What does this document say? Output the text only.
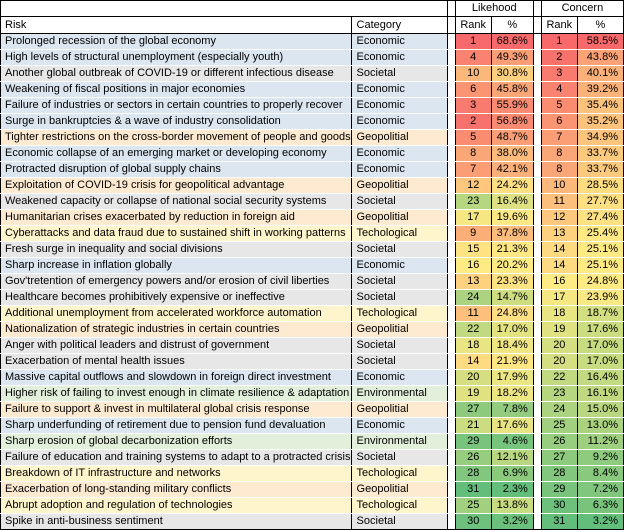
			Likehood			Concern	
Risk	Category		Rank	%		Rank	%
Prolonged recession of the global economy	Economic		1	68.6%		1	58.5%
High levels of structural unemployment (especially youth)	Economic		4	49.3%		2	43.8%
Another global outbreak of COVID-19 or different infectious disease	Societal		10	30.8%		3	40.1%
Weakening of fiscal positions in major economies	Economic		6	45.8%		4	39.2%
Failure of industries or sectors in certain countries to properly recover	Economic		3	55.9%		5	35.4%
Surge in bankruptcies & a wave of industry consolidation	Economic		2	56.8%		6	35.2%
Tighter restrictions on the cross-border movement of people and goods	Geopolitial		5	48.7%		7	34.9%
Economic collapse of an emerging market or developing economy	Economic		8	38.0%		8	33.7%
Protracted disruption of global supply chains	Economic		7	42.1%		8	33.7%
Exploitation of COVID-19 crisis for geopolitical advantage	Geopolitial		12	24.2%		10	28.5%
Weakened capacity or collapse of national social security systems	Societal		23	16.4%		11	27.7%
Humanitarian crises exacerbated by reduction in foreign aid	Geopolitial		17	19.6%		12	27.4%
Cyberattacks and data fraud due to sustained shift in working patterns	Techological		9	37.8%		13	25.4%
Fresh surge in inequality and social divisions	Societal		15	21.3%		14	25.1%
Sharp increase in inflation globally	Economic		16	20.2%		14	25.1%
Gov'tretention of emergency powers and/or erosion of civil liberties	Societal		13	23.3%		16	24.8%
Healthcare becomes prohibitively expensive or ineffective	Societal		24	14.7%		17	23.9%
Additional unemployment from accelerated workforce automation	Techological		11	24.8%		18	18.7%
Nationalization of strategic industries in certain countries	Geopolitial		22	17.0%		19	17.6%
Anger with political leaders and distrust of government	Societal		18	18.4%		20	17.0%
Exacerbation of mental health issues	Societal		14	21.9%		20	17.0%
Massive capital outflows and slowdown in foreign direct investment	Economic		20	17.9%		22	16.4%
Higher risk of failing to invest enough in climate resilience & adaptation	Environmental		19	18.2%		23	16.1%
Failure to support & invest in multilateral global crisis response	Geopolitial		27	7.8%		24	15.0%
Sharp underfunding of retirement due to pension fund devaluation	Economic		21	17.6%		25	13.0%
Sharp erosion of global decarbonization efforts	Environmental		29	4.6%		26	11.2%
Failure of education and training systems to adapt to a protracted crisis	Societal		26	12.1%		27	9.2%
Breakdown of IT infrastructure and networks	Techological		28	6.9%		28	8.4%
Exacerbation of long-standing military conflicts	Geopolitial		31	2.3%		29	7.2%
Abrupt adoption and regulation of technologies	Techological		25	13.8%		30	6.3%
Spike in anti-business sentiment	Societal		30	3.2%		31	3.2%
